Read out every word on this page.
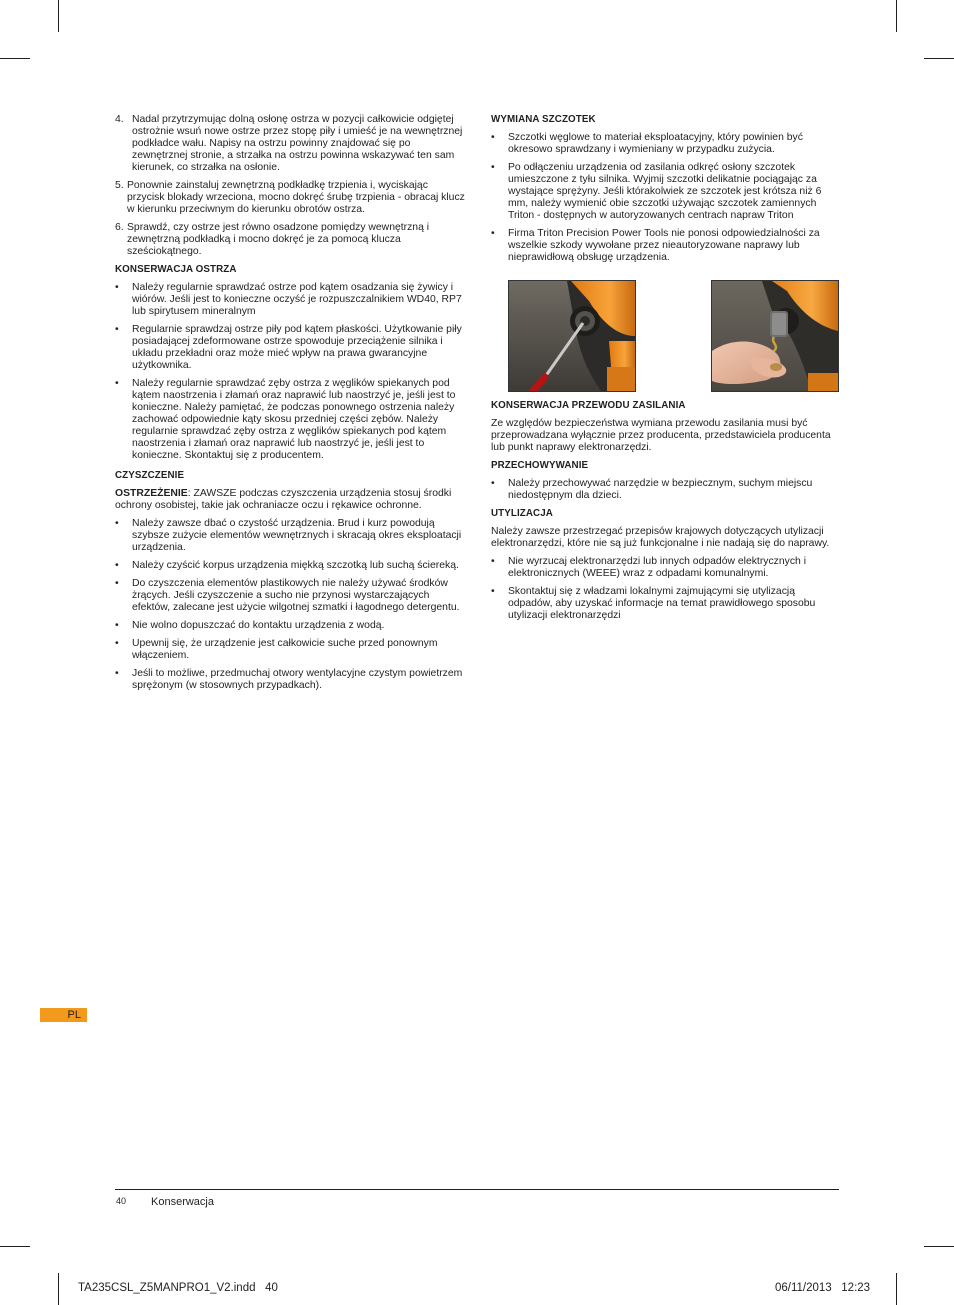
4. Nadal przytrzymując dolną osłonę ostrza w pozycji całkowicie odgiętej ostrożnie wsuń nowe ostrze przez stopę piły i umieść je na wewnętrznej podkładce wału. Napisy na ostrzu powinny znajdować się po zewnętrznej stronie, a strzałka na ostrzu powinna wskazywać ten sam kierunek, co strzałka na osłonie.
5. Ponownie zainstaluj zewnętrzną podkładkę trzpienia i, wyciskając przycisk blokady wrzeciona, mocno dokręć śrubę trzpienia - obracaj klucz w kierunku przeciwnym do kierunku obrotów ostrza.
6. Sprawdź, czy ostrze jest równo osadzone pomiędzy wewnętrzną i zewnętrzną podkładką i mocno dokręć je za pomocą klucza sześciokątnego.
KONSERWACJA OSTRZA
• Należy regularnie sprawdzać ostrze pod kątem osadzania się żywicy i wiórów. Jeśli jest to konieczne oczyść je rozpuszczalnikiem WD40, RP7 lub spirytusem mineralnym
• Regularnie sprawdzaj ostrze piły pod kątem płaskości. Użytkowanie piły posiadającej zdeformowane ostrze spowoduje przeciążenie silnika i układu przekładni oraz może mieć wpływ na prawa gwarancyjne użytkownika.
• Należy regularnie sprawdzać zęby ostrza z węglików spiekanych pod kątem naostrzenia i złamań oraz naprawić lub naostrzyć je, jeśli jest to konieczne. Należy pamiętać, że podczas ponownego ostrzenia należy zachować odpowiednie kąty skosu przedniej części zębów. Należy regularnie sprawdzać zęby ostrza z węglików spiekanych pod kątem naostrzenia i złamań oraz naprawić lub naostrzyć je, jeśli jest to konieczne. Skontaktuj się z producentem.
CZYSZCZENIE

OSTRZEŻENIE: ZAWSZE podczas czyszczenia urządzenia stosuj środki ochrony osobistej, takie jak ochraniacze oczu i rękawice ochronne.

• Należy zawsze dbać o czystość urządzenia. Brud i kurz powodują szybsze zużycie elementów wewnętrznych i skracają okres eksploatacji urządzenia.
• Należy czyścić korpus urządzenia miękką szczotką lub suchą ściereką.
• Do czyszczenia elementów plastikowych nie należy używać środków żrących. Jeśli czyszczenie a sucho nie przynosi wystarczających efektów, zalecane jest użycie wilgotnej szmatki i łagodnego detergentu.
• Nie wolno dopuszczać do kontaktu urządzenia z wodą.
• Upewnij się, że urządzenie jest całkowicie suche przed ponownym włączeniem.
• Jeśli to możliwe, przedmuchaj otwory wentylacyjne czystym powietrzem sprężonym (w stosownych przypadkach).
WYMIANA SZCZOTEK
• Szczotki węglowe to materiał eksploatacyjny, który powinien być okresowo sprawdzany i wymieniany w przypadku zużycia.
• Po odłączeniu urządzenia od zasilania odkręć osłony szczotek umieszczone z tyłu silnika. Wyjmij szczotki delikatnie pociągając za wystające sprężyny. Jeśli którakolwiek ze szczotek jest krótsza niż 6 mm, należy wymienić obie szczotki używając szczotek zamiennych Triton - dostępnych w autoryzowanych centrach napraw Triton
• Firma Triton Precision Power Tools nie ponosi odpowiedzialności za wszelkie szkody wywołane przez nieautoryzowane naprawy lub nieprawidłową obsługę urządzenia.
KONSERWACJA PRZEWODU ZASILANIA

Ze względów bezpieczeństwa wymiana przewodu zasilania musi być przeprowadzana wyłącznie przez producenta, przedstawiciela producenta lub punkt naprawy elektronarzędzi.

PRZECHOWYWANIE
• Należy przechowywać narzędzie w bezpiecznym, suchym miejscu niedostępnym dla dzieci.
UTYLIZACJA

Należy zawsze przestrzegać przepisów krajowych dotyczących utylizacji elektronarzędzi, które nie są już funkcjonalne i nie nadają się do naprawy.

• Nie wyrzucaj elektronarzędzi lub innych odpadów elektrycznych i elektronicznych (WEEE) wraz z odpadami komunalnymi.
• Skontaktuj się z władzami lokalnymi zajmującymi się utylizacją odpadów, aby uzyskać informacje na temat prawidłowego sposobu utylizacji elektronarzędzi
PL
40 Konserwacja
TA235CSL_Z5MANPRO1_V2.indd   40	06/11/2013   12:23
